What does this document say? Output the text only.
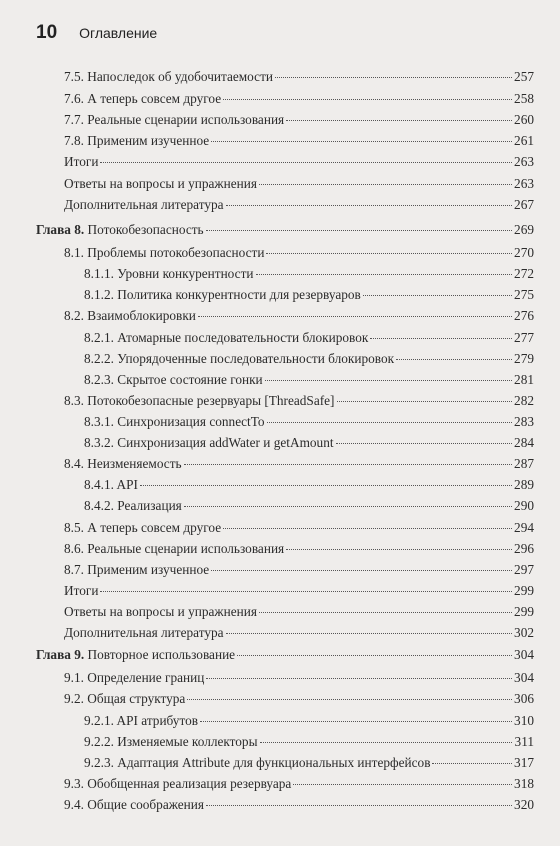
10 Оглавление
7.5. Напоследок об удобочитаемости	257
7.6. А теперь совсем другое	258
7.7. Реальные сценарии использования	260
7.8. Применим изученное	261
Итоги	263
Ответы на вопросы и упражнения	263
Дополнительная литература	267
Глава 8. Потокобезопасность	269
8.1. Проблемы потокобезопасности	270
8.1.1. Уровни конкурентности	272
8.1.2. Политика конкурентности для резервуаров	275
8.2. Взаимоблокировки	276
8.2.1. Атомарные последовательности блокировок	277
8.2.2. Упорядоченные последовательности блокировок	279
8.2.3. Скрытое состояние гонки	281
8.3. Потокобезопасные резервуары [ThreadSafe]	282
8.3.1. Синхронизация connectTo	283
8.3.2. Синхронизация addWater и getAmount	284
8.4. Неизменяемость	287
8.4.1. API	289
8.4.2. Реализация	290
8.5. А теперь совсем другое	294
8.6. Реальные сценарии использования	296
8.7. Применим изученное	297
Итоги	299
Ответы на вопросы и упражнения	299
Дополнительная литература	302
Глава 9. Повторное использование	304
9.1. Определение границ	304
9.2. Общая структура	306
9.2.1. API атрибутов	310
9.2.2. Изменяемые коллекторы	311
9.2.3. Адаптация Attribute для функциональных интерфейсов	317
9.3. Обобщенная реализация резервуара	318
9.4. Общие соображения	320
